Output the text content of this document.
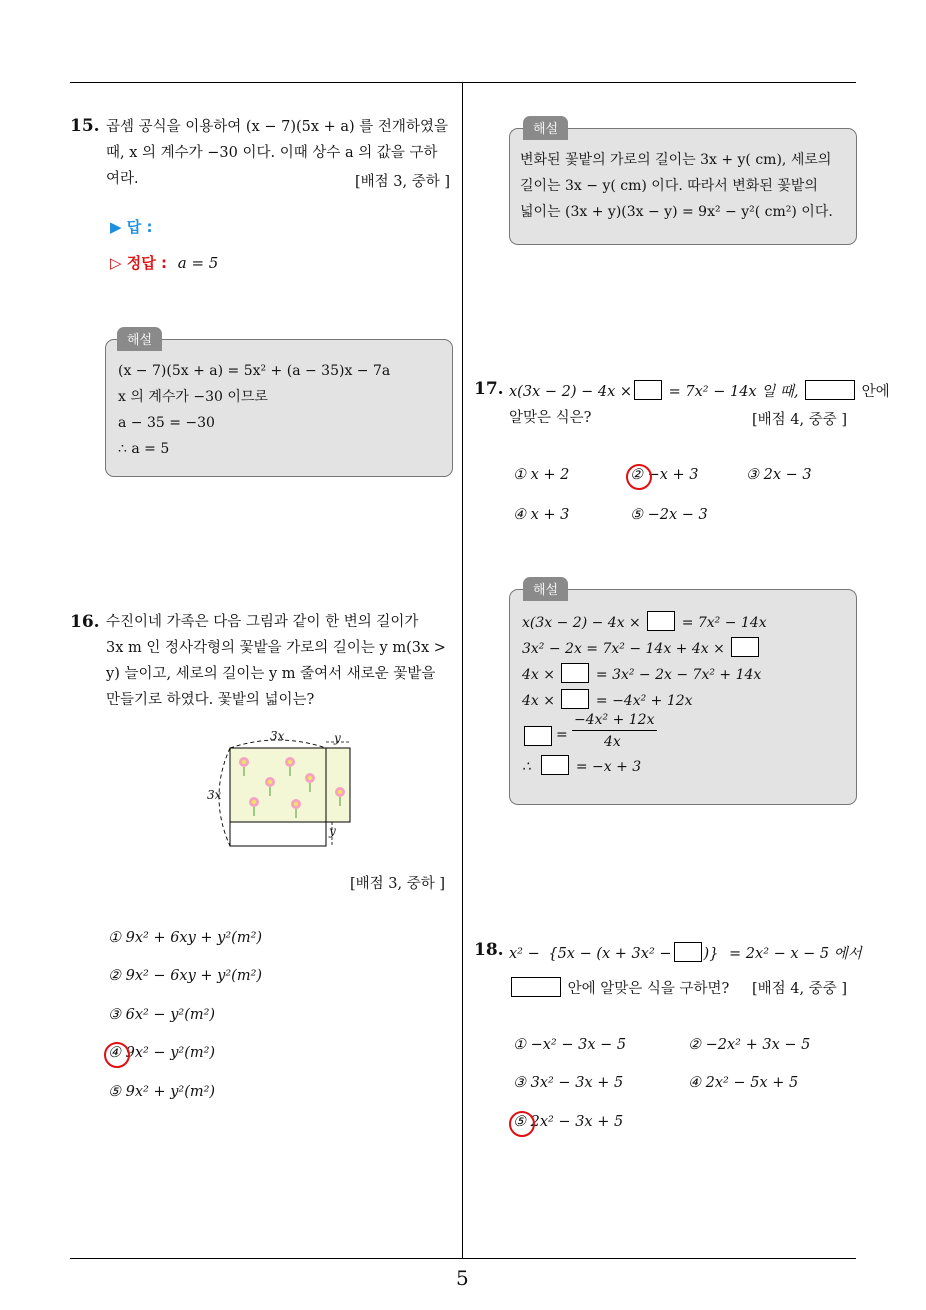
15. 곱셈 공식을 이용하여 (x − 7)(5x + a) 를 전개하였을
때, x 의 계수가 −30 이다. 이때 상수 a 의 값을 구하
여라.	[배점 3, 중하 ]
▶ 답 :
▷ 정답 : a = 5
해설
(x − 7)(5x + a) = 5x² + (a − 35)x − 7a
x 의 계수가 −30 이므로
a − 35 = −30
∴ a = 5
16. 수진이네 가족은 다음 그림과 같이 한 변의 길이가
3x m 인 정사각형의 꽃밭을 가로의 길이는 y m(3x >
y) 늘이고, 세로의 길이는 y m 줄여서 새로운 꽃밭을
만들기로 하였다. 꽃밭의 넓이는?
3x	y
3x
y
[배점 3, 중하 ]
① 9x² + 6xy + y²(m²)
② 9x² − 6xy + y²(m²)
③ 6x² − y²(m²)
④ 9x² − y²(m²)
⑤ 9x² + y²(m²)
해설
변화된 꽃밭의 가로의 길이는 3x + y( cm), 세로의
길이는 3x − y( cm) 이다. 따라서 변화된 꽃밭의
넓이는 (3x + y)(3x − y) = 9x² − y²( cm²) 이다.
17. x(3x − 2) − 4x ×	= 7x² − 14x 일 때,	안에
알맞은 식은?	[배점 4, 중중 ]
① x + 2	② −x + 3	③ 2x − 3
④ x + 3	⑤ −2x − 3
해설
x(3x − 2) − 4x ×	= 7x² − 14x
3x² − 2x = 7x² − 14x + 4x ×
4x ×	= 3x² − 2x − 7x² + 14x
4x ×	= −4x² + 12x
=
−4x² + 12x
4x
∴	= −x + 3
18. x² − {5x − (x + 3x² − )} = 2x² − x − 5 에서
안에 알맞은 식을 구하면? [배점 4, 중중 ]
① −x² − 3x − 5	② −2x² + 3x − 5
③ 3x² − 3x + 5	④ 2x² − 5x + 5
⑤ 2x² − 3x + 5
5
